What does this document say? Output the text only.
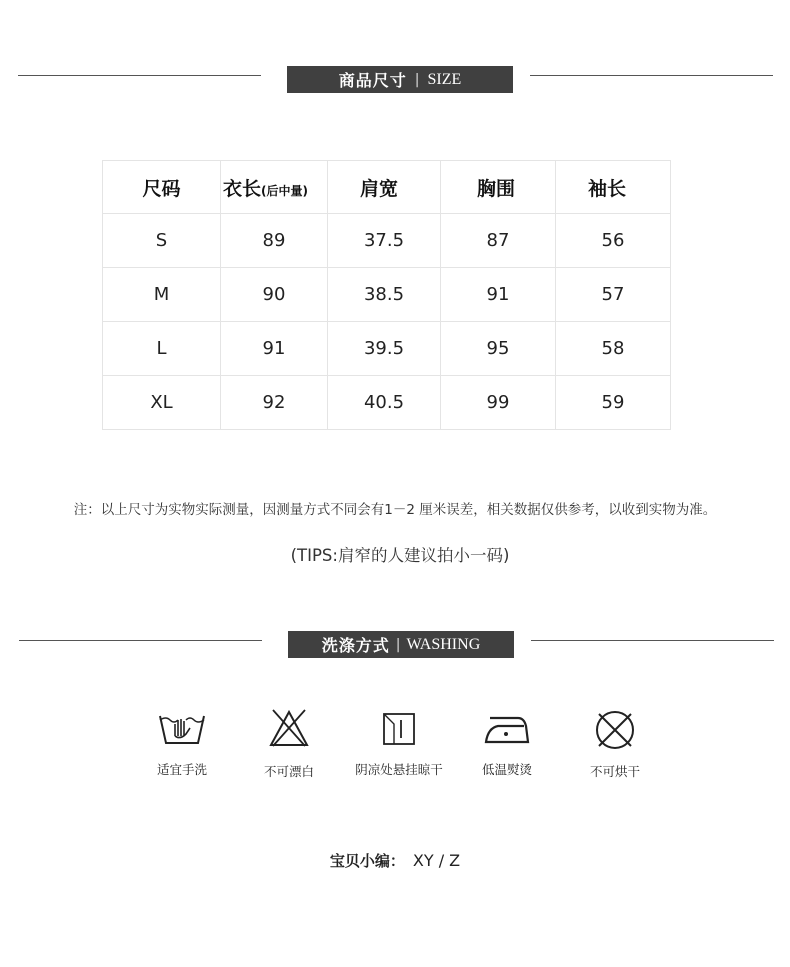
商品尺寸 | SIZE
尺码	衣长(后中量)	肩宽	胸围	袖长
S	89	37.5	87	56
M	90	38.5	91	57
L	91	39.5	95	58
XL	92	40.5	99	59
注：以上尺寸为实物实际测量，因测量方式不同会有1－2 厘米误差，相关数据仅供参考，以收到实物为准。
(TIPS:肩窄的人建议拍小一码)
洗涤方式 | WASHING
适宜手洗	不可漂白	阴凉处悬挂晾干	低温熨烫	不可烘干
宝贝小编： XY / Z
